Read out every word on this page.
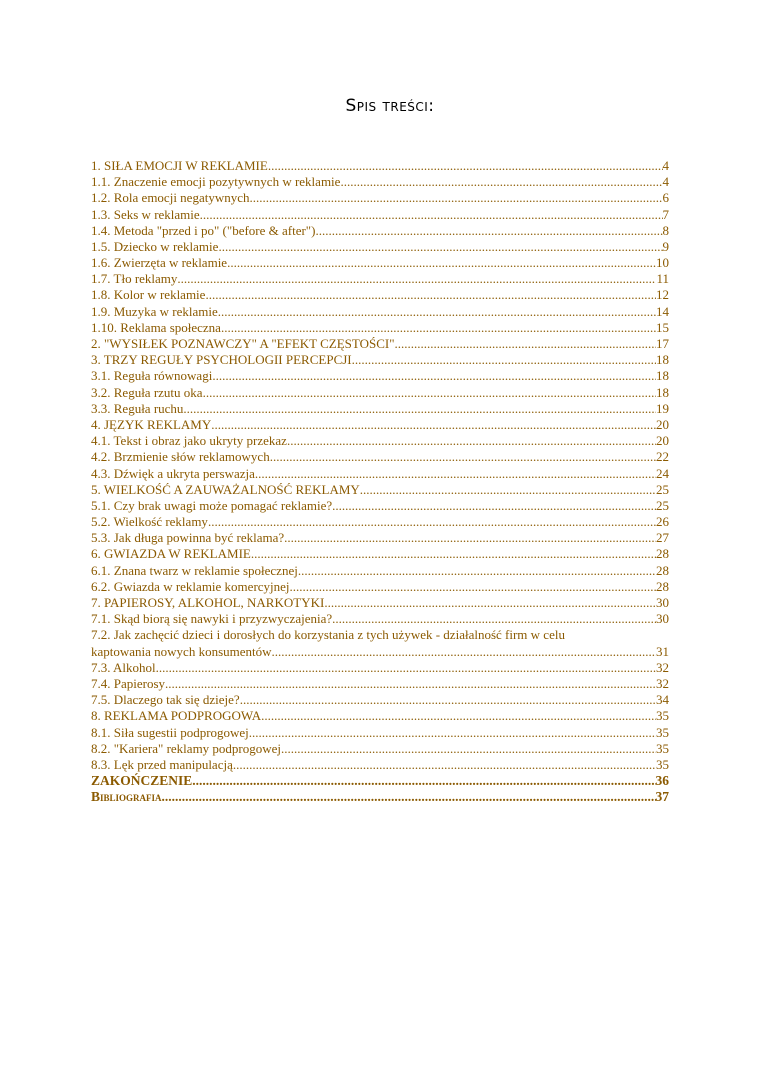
Spis treści:
1. SIŁA EMOCJI W REKLAMIE .....	4
1.1. Znaczenie emocji pozytywnych w reklamie .....	4
1.2. Rola emocji negatywnych .....	6
1.3. Seks w reklamie .....	7
1.4. Metoda "przed i po" ("before & after") .....	8
1.5. Dziecko w reklamie .....	9
1.6. Zwierzęta w reklamie .....	10
1.7. Tło reklamy .....	11
1.8. Kolor w reklamie .....	12
1.9. Muzyka w reklamie .....	14
1.10. Reklama społeczna .....	15
2. "WYSIŁEK POZNAWCZY" A "EFEKT CZĘSTOŚCI" .....	17
3. TRZY REGUŁY PSYCHOLOGII PERCEPCJI .....	18
3.1. Reguła równowagi .....	18
3.2. Reguła rzutu oka .....	18
3.3. Reguła ruchu .....	19
4. JĘZYK REKLAMY .....	20
4.1. Tekst i obraz jako ukryty przekaz .....	20
4.2. Brzmienie słów reklamowych .....	22
4.3. Dźwięk a ukryta perswazja .....	24
5. WIELKOŚĆ A ZAUWAŻALNOŚĆ REKLAMY .....	25
5.1. Czy brak uwagi może pomagać reklamie? .....	25
5.2. Wielkość reklamy .....	26
5.3. Jak długa powinna być reklama? .....	27
6. GWIAZDA W REKLAMIE .....	28
6.1. Znana twarz w reklamie społecznej .....	28
6.2. Gwiazda w reklamie komercyjnej .....	28
7. PAPIEROSY, ALKOHOL, NARKOTYKI .....	30
7.1. Skąd biorą się nawyki i przyzwyczajenia? .....	30
7.2. Jak zachęcić dzieci i dorosłych do korzystania z tych używek - działalność firm w celu
kaptowania nowych konsumentów .....	31
7.3. Alkohol .....	32
7.4. Papierosy .....	32
7.5. Dlaczego tak się dzieje? .....	34
8. REKLAMA PODPROGOWA .....	35
8.1. Siła sugestii podprogowej .....	35
8.2. "Kariera" reklamy podprogowej .....	35
8.3. Lęk przed manipulacją .....	35
ZAKOŃCZENIE .....	36
Bibliografia .....	37
